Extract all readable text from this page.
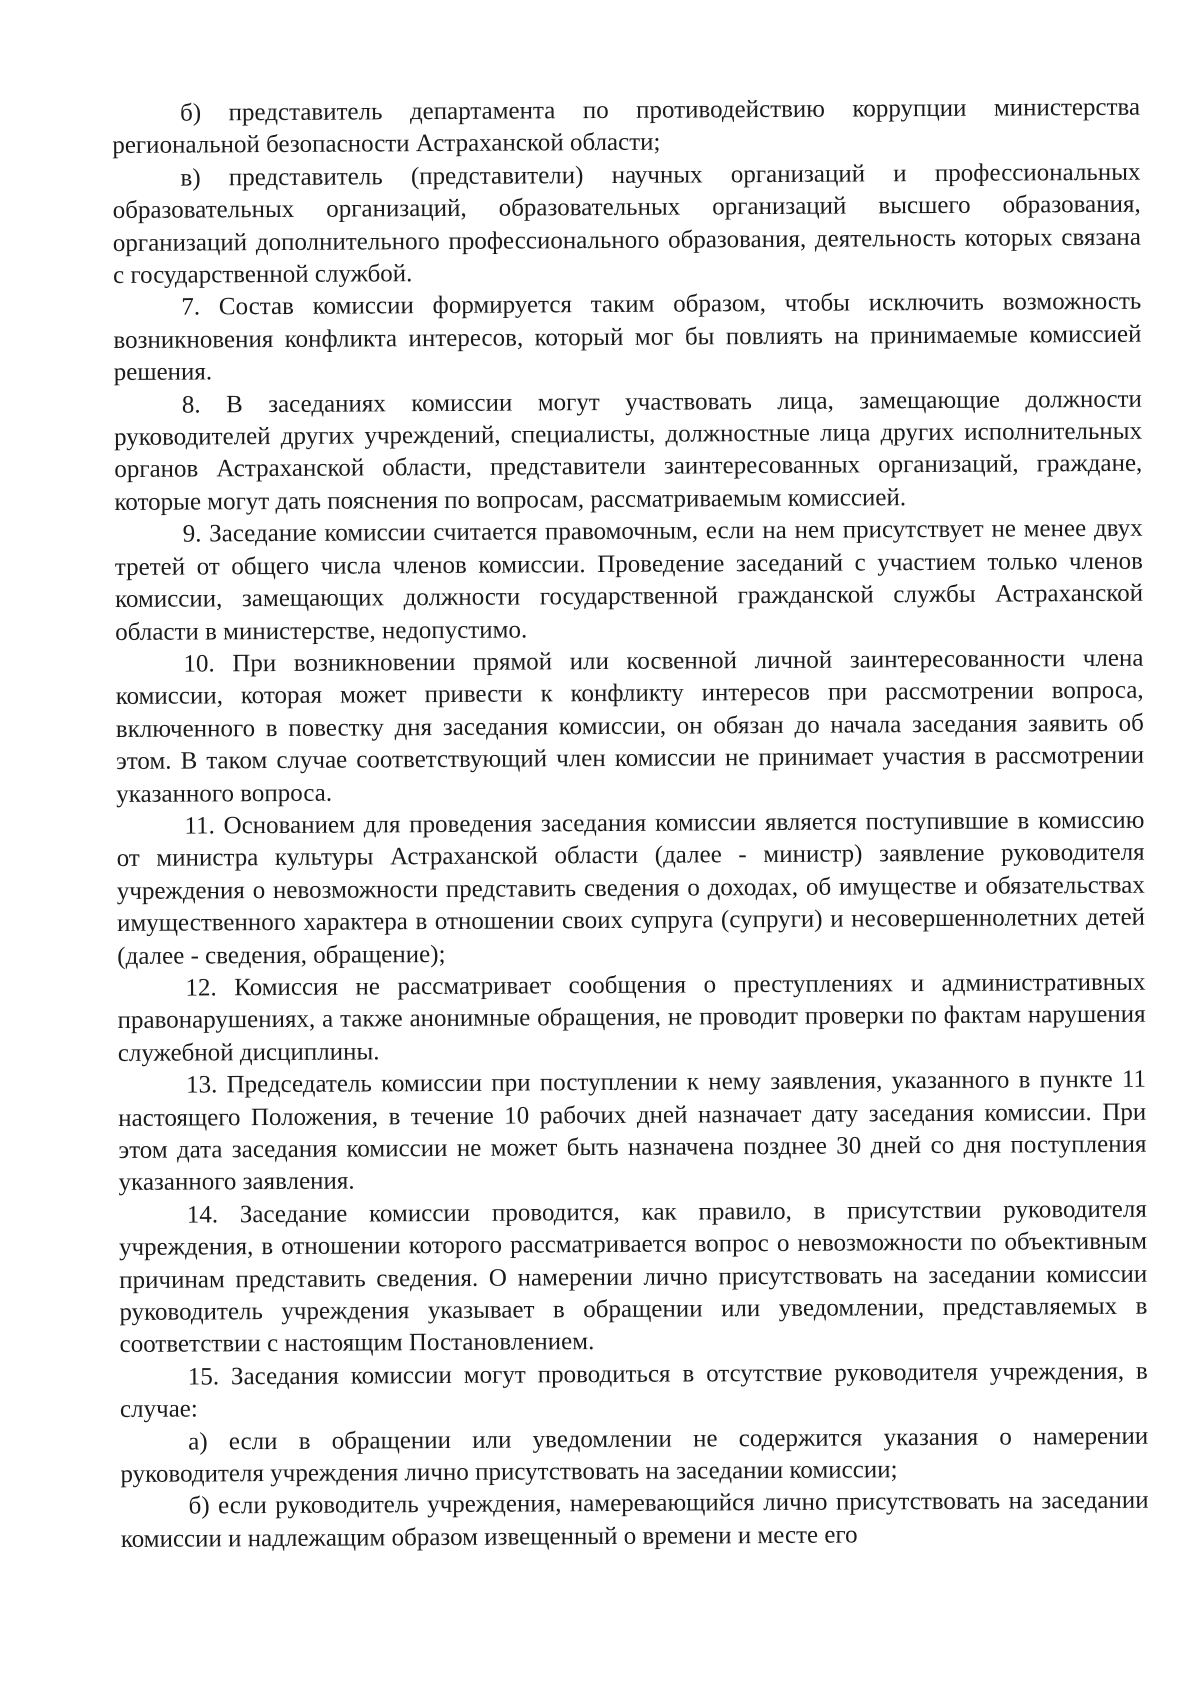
б) представитель департамента по противодействию коррупции министерства региональной безопасности Астраханской области;

в) представитель (представители) научных организаций и профессиональных образовательных организаций, образовательных организаций высшего образования, организаций дополнительного профессионального образования, деятельность которых связана с государственной службой.

7. Состав комиссии формируется таким образом, чтобы исключить возможность возникновения конфликта интересов, который мог бы повлиять на принимаемые комиссией решения.

8. В заседаниях комиссии могут участвовать лица, замещающие должности руководителей других учреждений, специалисты, должностные лица других исполнительных органов Астраханской области, представители заинтересованных организаций, граждане, которые могут дать пояснения по вопросам, рассматриваемым комиссией.

9. Заседание комиссии считается правомочным, если на нем присутствует не менее двух третей от общего числа членов комиссии. Проведение заседаний с участием только членов комиссии, замещающих должности государственной гражданской службы Астраханской области в министерстве, недопустимо.

10. При возникновении прямой или косвенной личной заинтересованности члена комиссии, которая может привести к конфликту интересов при рассмотрении вопроса, включенного в повестку дня заседания комиссии, он обязан до начала заседания заявить об этом. В таком случае соответствующий член комиссии не принимает участия в рассмотрении указанного вопроса.

11. Основанием для проведения заседания комиссии является поступившие в комиссию от министра культуры Астраханской области (далее - министр) заявление руководителя учреждения о невозможности представить сведения о доходах, об имуществе и обязательствах имущественного характера в отношении своих супруга (супруги) и несовершеннолетних детей (далее - сведения, обращение);

12. Комиссия не рассматривает сообщения о преступлениях и административных правонарушениях, а также анонимные обращения, не проводит проверки по фактам нарушения служебной дисциплины.

13. Председатель комиссии при поступлении к нему заявления, указанного в пункте 11 настоящего Положения, в течение 10 рабочих дней назначает дату заседания комиссии. При этом дата заседания комиссии не может быть назначена позднее 30 дней со дня поступления указанного заявления.

14. Заседание комиссии проводится, как правило, в присутствии руководителя учреждения, в отношении которого рассматривается вопрос о невозможности по объективным причинам представить сведения. О намерении лично присутствовать на заседании комиссии руководитель учреждения указывает в обращении или уведомлении, представляемых в соответствии с настоящим Постановлением.

15. Заседания комиссии могут проводиться в отсутствие руководителя учреждения, в случае:

а) если в обращении или уведомлении не содержится указания о намерении руководителя учреждения лично присутствовать на заседании комиссии;

б) если руководитель учреждения, намеревающийся лично присутствовать на заседании комиссии и надлежащим образом извещенный о времени и месте его
